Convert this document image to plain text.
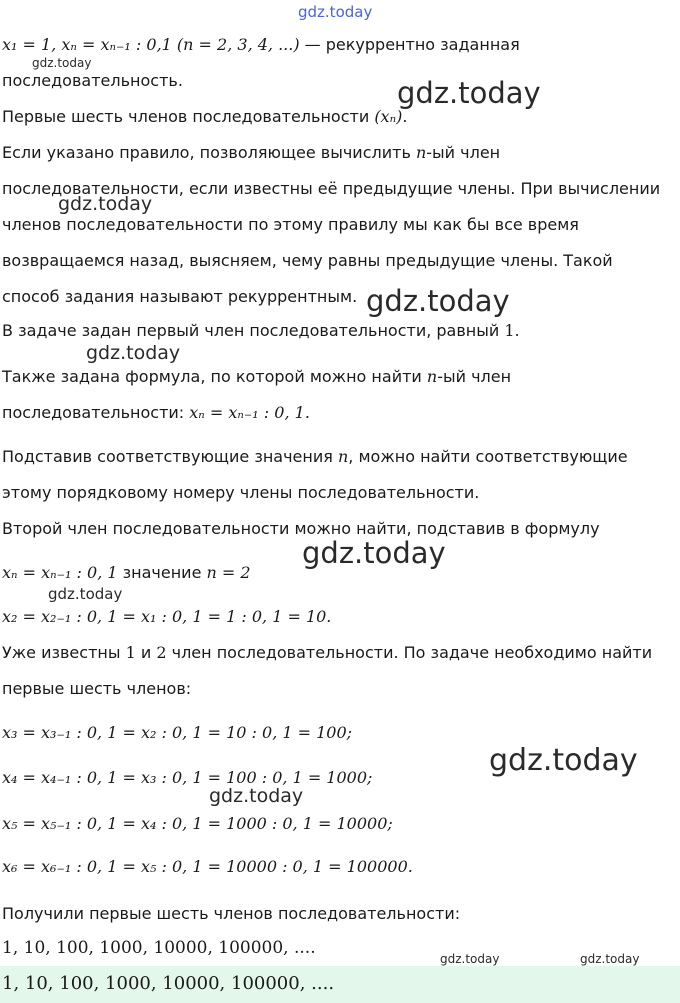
gdz.today
gdz.today
gdz.today
gdz.today
gdz.today
gdz.today
gdz.today
gdz.today
gdz.today
gdz.today
gdz.today	gdz.today
x₁ = 1, xₙ = xₙ₋₁ : 0,1 (n = 2, 3, 4, ...) — рекуррентно заданная
последовательность.
Первые шесть членов последовательности (xₙ).
Если указано правило, позволяющее вычислить n-ый член
последовательности, если известны её предыдущие члены. При вычислении
членов последовательности по этому правилу мы как бы все время
возвращаемся назад, выясняем, чему равны предыдущие члены. Такой
способ задания называют рекуррентным.
В задаче задан первый член последовательности, равный 1.
Также задана формула, по которой можно найти n-ый член
последовательности: xₙ = xₙ₋₁ : 0, 1.
Подставив соответствующие значения n, можно найти соответствующие
этому порядковому номеру члены последовательности.
Второй член последовательности можно найти, подставив в формулу
xₙ = xₙ₋₁ : 0, 1 значение n = 2
x₂ = x₂₋₁ : 0, 1 = x₁ : 0, 1 = 1 : 0, 1 = 10.
Уже известны 1 и 2 член последовательности. По задаче необходимо найти
первые шесть членов:
x₃ = x₃₋₁ : 0, 1 = x₂ : 0, 1 = 10 : 0, 1 = 100;
x₄ = x₄₋₁ : 0, 1 = x₃ : 0, 1 = 100 : 0, 1 = 1000;
x₅ = x₅₋₁ : 0, 1 = x₄ : 0, 1 = 1000 : 0, 1 = 10000;
x₆ = x₆₋₁ : 0, 1 = x₅ : 0, 1 = 10000 : 0, 1 = 100000.
Получили первые шесть членов последовательности:
1, 10, 100, 1000, 10000, 100000, ....
1, 10, 100, 1000, 10000, 100000, ....
